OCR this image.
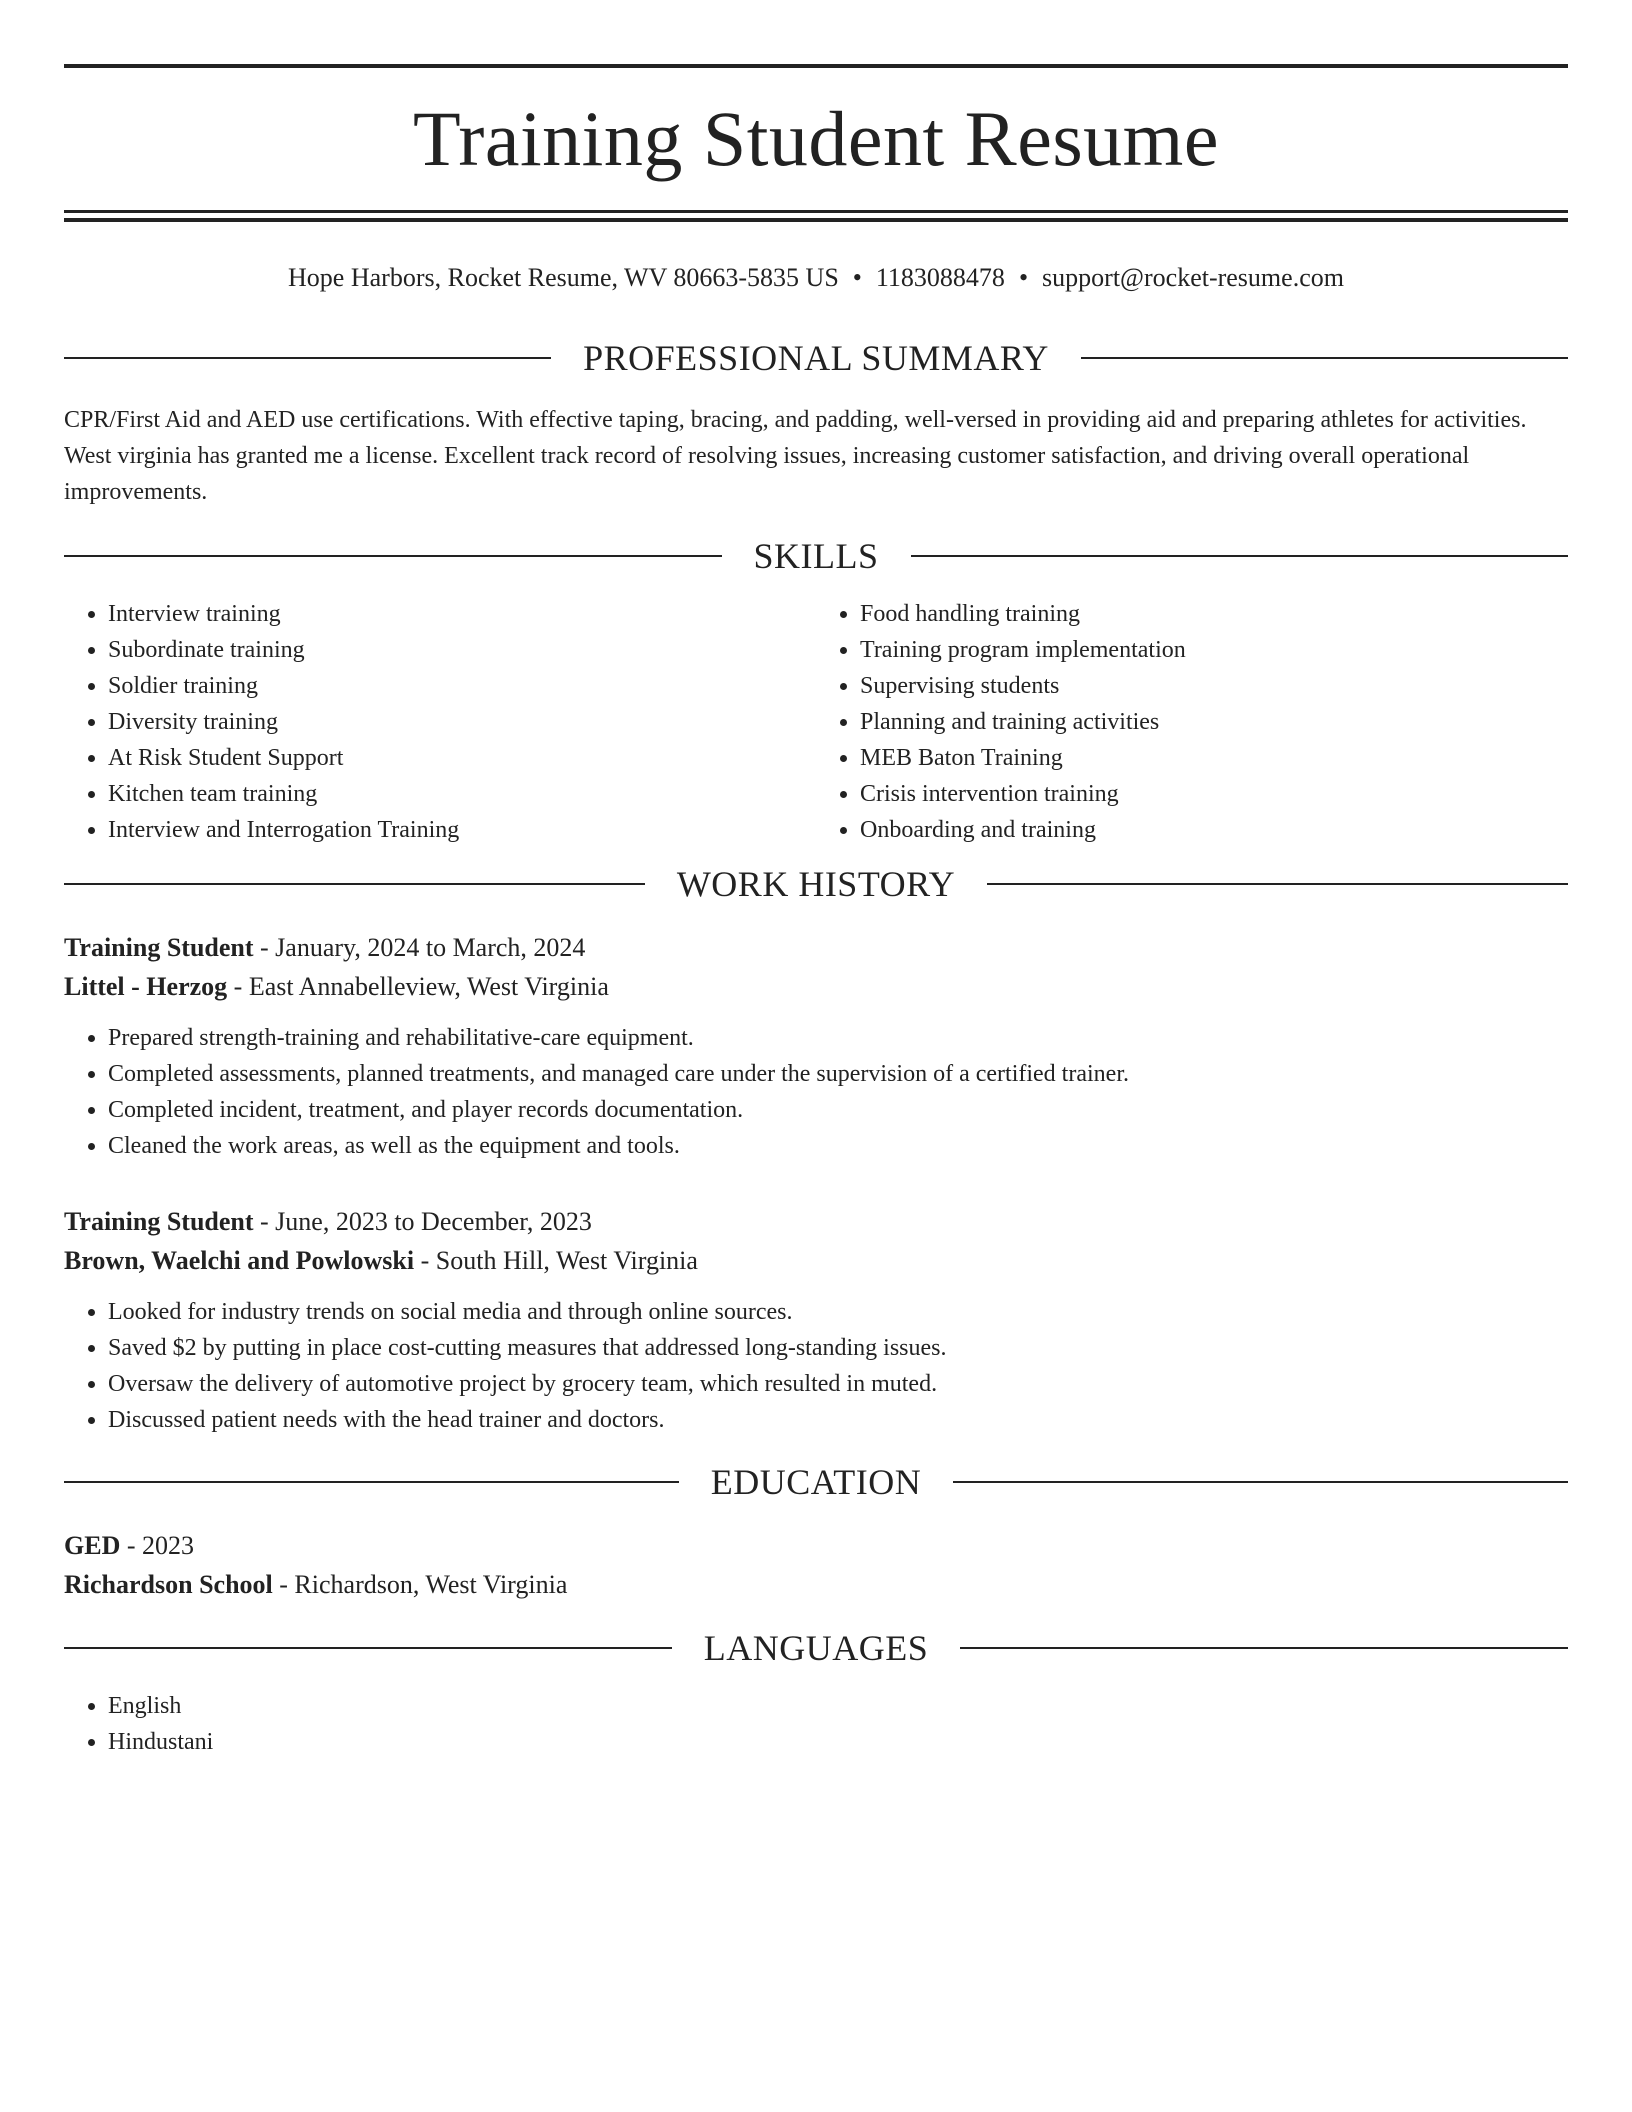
Training Student Resume
Hope Harbors, Rocket Resume, WV 80663-5835 US • 1183088478 • support@rocket-resume.com
PROFESSIONAL SUMMARY

CPR/First Aid and AED use certifications. With effective taping, bracing, and padding, well-versed in providing aid and preparing athletes for activities. West virginia has granted me a license. Excellent track record of resolving issues, increasing customer satisfaction, and driving overall operational improvements.

SKILLS
• Interview training
• Subordinate training
• Soldier training
• Diversity training
• At Risk Student Support
• Kitchen team training
• Interview and Interrogation Training
• Food handling training
• Training program implementation
• Supervising students
• Planning and training activities
• MEB Baton Training
• Crisis intervention training
• Onboarding and training
WORK HISTORY
Training Student - January, 2024 to March, 2024
Littel - Herzog - East Annabelleview, West Virginia
• Prepared strength-training and rehabilitative-care equipment.
• Completed assessments, planned treatments, and managed care under the supervision of a certified trainer.
• Completed incident, treatment, and player records documentation.
• Cleaned the work areas, as well as the equipment and tools.
Training Student - June, 2023 to December, 2023
Brown, Waelchi and Powlowski - South Hill, West Virginia
• Looked for industry trends on social media and through online sources.
• Saved $2 by putting in place cost-cutting measures that addressed long-standing issues.
• Oversaw the delivery of automotive project by grocery team, which resulted in muted.
• Discussed patient needs with the head trainer and doctors.
EDUCATION
GED - 2023
Richardson School - Richardson, West Virginia
LANGUAGES
• English
• Hindustani
